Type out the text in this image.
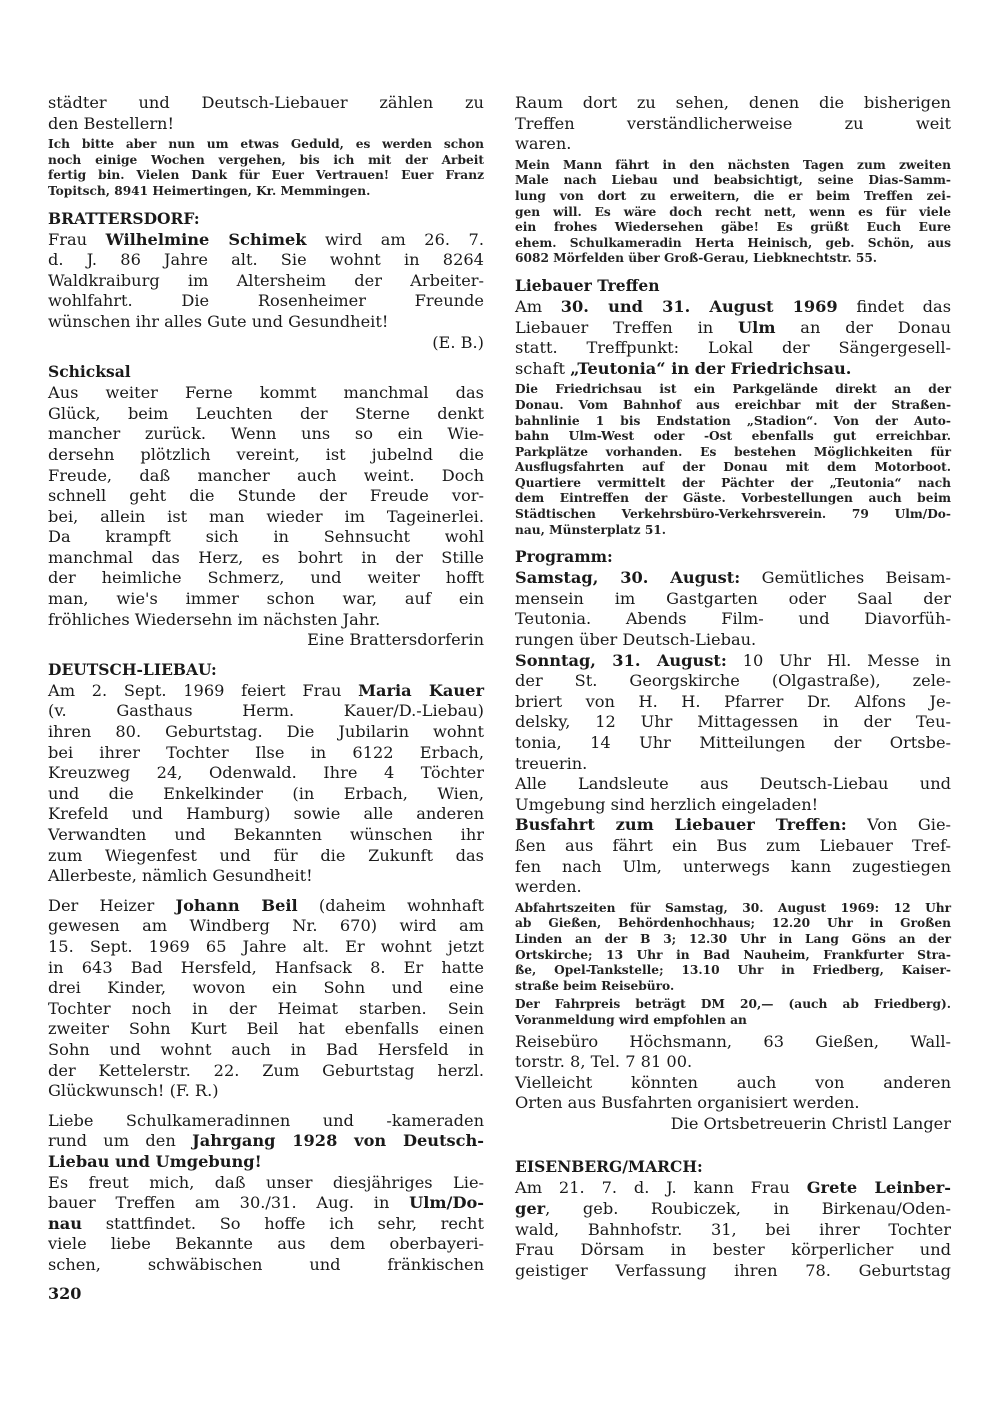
städter und Deutsch-Liebauer zählen zu
den Bestellern!
Ich bitte aber nun um etwas Geduld, es werden schon
noch einige Wochen vergehen, bis ich mit der Arbeit
fertig bin. Vielen Dank für Euer Vertrauen! Euer Franz
Topitsch, 8941 Heimertingen, Kr. Memmingen.
BRATTERSDORF:
Frau Wilhelmine Schimek wird am 26. 7.
d. J. 86 Jahre alt. Sie wohnt in 8264
Waldkraiburg im Altersheim der Arbeiter-
wohlfahrt. Die Rosenheimer Freunde
wünschen ihr alles Gute und Gesundheit!
(E. B.)
Schicksal
Aus weiter Ferne kommt manchmal das
Glück, beim Leuchten der Sterne denkt
mancher zurück. Wenn uns so ein Wie-
dersehn plötzlich vereint, ist jubelnd die
Freude, daß mancher auch weint. Doch
schnell geht die Stunde der Freude vor-
bei, allein ist man wieder im Tageinerlei.
Da krampft sich in Sehnsucht wohl
manchmal das Herz, es bohrt in der Stille
der heimliche Schmerz, und weiter hofft
man, wie's immer schon war, auf ein
fröhliches Wiedersehn im nächsten Jahr.
Eine Brattersdorferin
DEUTSCH-LIEBAU:
Am 2. Sept. 1969 feiert Frau Maria Kauer
(v. Gasthaus Herm. Kauer/D.-Liebau)
ihren 80. Geburtstag. Die Jubilarin wohnt
bei ihrer Tochter Ilse in 6122 Erbach,
Kreuzweg 24, Odenwald. Ihre 4 Töchter
und die Enkelkinder (in Erbach, Wien,
Krefeld und Hamburg) sowie alle anderen
Verwandten und Bekannten wünschen ihr
zum Wiegenfest und für die Zukunft das
Allerbeste, nämlich Gesundheit!
Der Heizer Johann Beil (daheim wohnhaft
gewesen am Windberg Nr. 670) wird am
15. Sept. 1969 65 Jahre alt. Er wohnt jetzt
in 643 Bad Hersfeld, Hanfsack 8. Er hatte
drei Kinder, wovon ein Sohn und eine
Tochter noch in der Heimat starben. Sein
zweiter Sohn Kurt Beil hat ebenfalls einen
Sohn und wohnt auch in Bad Hersfeld in
der Kettelerstr. 22. Zum Geburtstag herzl.
Glückwunsch! (F. R.)
Liebe Schulkameradinnen und -kameraden
rund um den Jahrgang 1928 von Deutsch-
Liebau und Umgebung!
Es freut mich, daß unser diesjähriges Lie-
bauer Treffen am 30./31. Aug. in Ulm/Do-
nau stattfindet. So hoffe ich sehr, recht
viele liebe Bekannte aus dem oberbayeri-
schen, schwäbischen und fränkischen
Raum dort zu sehen, denen die bisherigen
Treffen verständlicherweise zu weit
waren.
Mein Mann fährt in den nächsten Tagen zum zweiten
Male nach Liebau und beabsichtigt, seine Dias-Samm-
lung von dort zu erweitern, die er beim Treffen zei-
gen will. Es wäre doch recht nett, wenn es für viele
ein frohes Wiedersehen gäbe! Es grüßt Euch Eure
ehem. Schulkameradin Herta Heinisch, geb. Schön, aus
6082 Mörfelden über Groß-Gerau, Liebknechtstr. 55.
Liebauer Treffen
Am 30. und 31. August 1969 findet das
Liebauer Treffen in Ulm an der Donau
statt. Treffpunkt: Lokal der Sängergesell-
schaft „Teutonia“ in der Friedrichsau.
Die Friedrichsau ist ein Parkgelände direkt an der
Donau. Vom Bahnhof aus ereichbar mit der Straßen-
bahnlinie 1 bis Endstation „Stadion“. Von der Auto-
bahn Ulm-West oder -Ost ebenfalls gut erreichbar.
Parkplätze vorhanden. Es bestehen Möglichkeiten für
Ausflugsfahrten auf der Donau mit dem Motorboot.
Quartiere vermittelt der Pächter der „Teutonia“ nach
dem Eintreffen der Gäste. Vorbestellungen auch beim
Städtischen Verkehrsbüro-Verkehrsverein. 79 Ulm/Do-
nau, Münsterplatz 51.
Programm:
Samstag, 30. August: Gemütliches Beisam-
mensein im Gastgarten oder Saal der
Teutonia. Abends Film- und Diavorfüh-
rungen über Deutsch-Liebau.
Sonntag, 31. August: 10 Uhr Hl. Messe in
der St. Georgskirche (Olgastraße), zele-
briert von H. H. Pfarrer Dr. Alfons Je-
delsky, 12 Uhr Mittagessen in der Teu-
tonia, 14 Uhr Mitteilungen der Ortsbe-
treuerin.
Alle Landsleute aus Deutsch-Liebau und
Umgebung sind herzlich eingeladen!
Busfahrt zum Liebauer Treffen: Von Gie-
ßen aus fährt ein Bus zum Liebauer Tref-
fen nach Ulm, unterwegs kann zugestiegen
werden.
Abfahrtszeiten für Samstag, 30. August 1969: 12 Uhr
ab Gießen, Behördenhochhaus; 12.20 Uhr in Großen
Linden an der B 3; 12.30 Uhr in Lang Göns an der
Ortskirche; 13 Uhr in Bad Nauheim, Frankfurter Stra-
ße, Opel-Tankstelle; 13.10 Uhr in Friedberg, Kaiser-
straße beim Reisebüro.
Der Fahrpreis beträgt DM 20,— (auch ab Friedberg).
Voranmeldung wird empfohlen an
Reisebüro Höchsmann, 63 Gießen, Wall-
torstr. 8, Tel. 7 81 00.
Vielleicht könnten auch von anderen
Orten aus Busfahrten organisiert werden.
Die Ortsbetreuerin Christl Langer
EISENBERG/MARCH:
Am 21. 7. d. J. kann Frau Grete Leinber-
ger, geb. Roubiczek, in Birkenau/Oden-
wald, Bahnhofstr. 31, bei ihrer Tochter
Frau Dörsam in bester körperlicher und
geistiger Verfassung ihren 78. Geburtstag
320
